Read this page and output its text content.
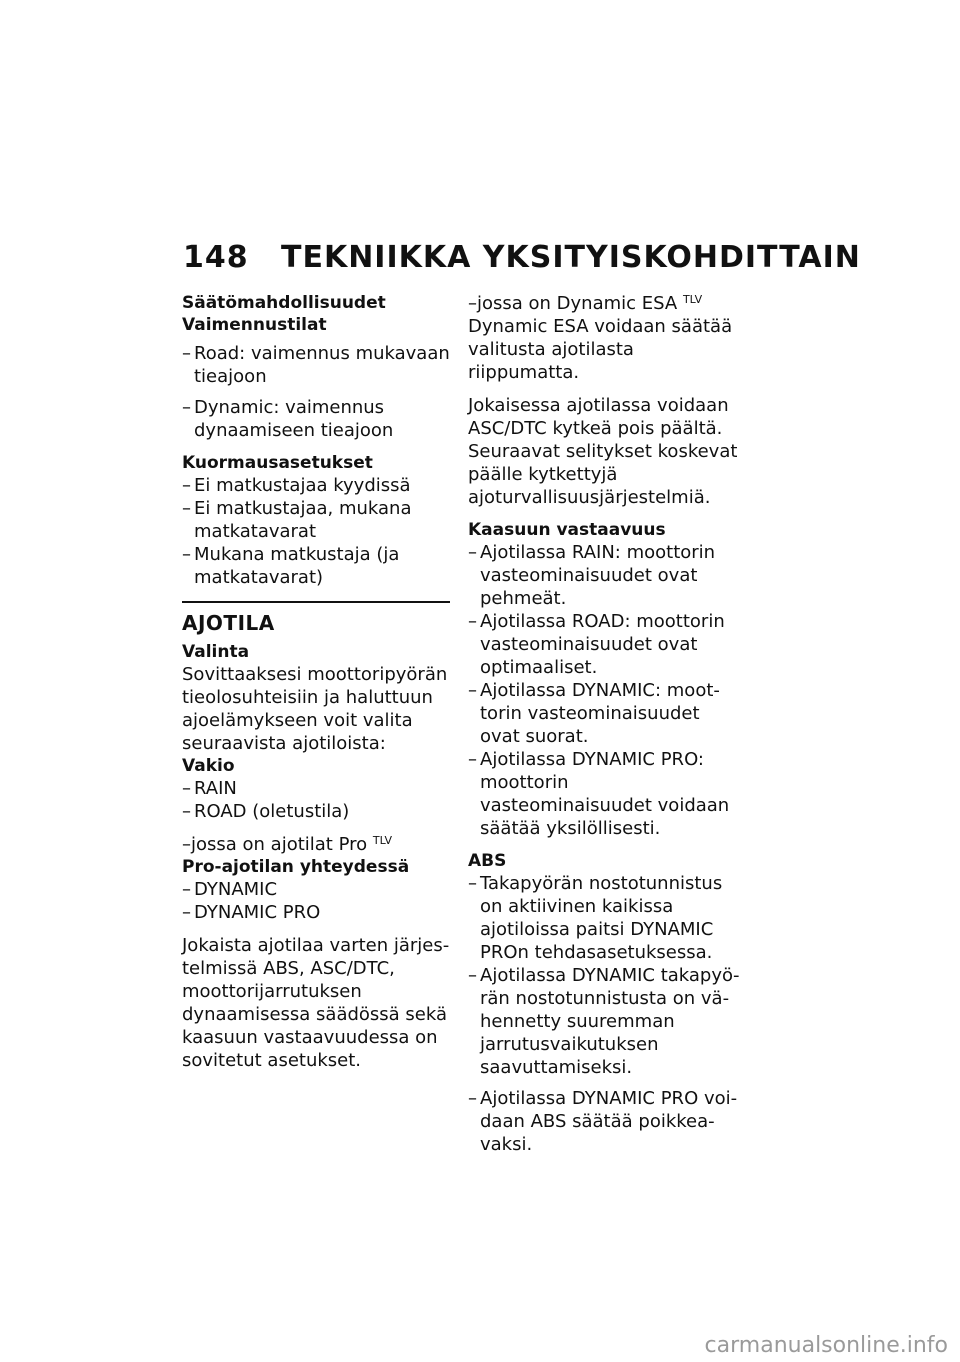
148 TEKNIIKKA YKSITYISKOHDITTAIN
Säätömahdollisuudet
Vaimennustilat
– Road: vaimennus mukavaan tieajoon
– Dynamic: vaimennus dynaamiseen tieajoon
Kuormausasetukset
– Ei matkustajaa kyydissä
– Ei matkustajaa, mukana matkatavarat
– Mukana matkustaja (ja matkatavarat)
AJOTILA
Valinta

Sovittaaksesi moottoripyörän tieolosuhteisiin ja haluttuun ajoelämykseen voit valita seuraavista ajotiloista:

Vakio
– RAIN
– ROAD (oletustila)

–jossa on ajotilat Pro $^{TLV}$

Pro-ajotilan yhteydessä
– DYNAMIC
– DYNAMIC PRO

Jokaista ajotilaa varten järjestelmissä ABS, ASC/DTC, moottorijarrutuksen dynaamisessa säädössä sekä kaasuun vastaavuudessa on sovitetut asetukset.

–jossa on Dynamic ESA $^{TLV}$

Dynamic ESA voidaan säätää valitusta ajotilasta riippumatta.

Jokaisessa ajotilassa voidaan ASC/DTC kytkeä pois päältä. Seuraavat selitykset koskevat päälle kytkettyjä ajoturvallisuusjärjestelmiä.

Kaasuun vastaavuus
– Ajotilassa RAIN: moottorin vasteominaisuudet ovat pehmeät.
– Ajotilassa ROAD: moottorin vasteominaisuudet ovat optimaaliset.
– Ajotilassa DYNAMIC: moottorin vasteominaisuudet ovat suorat.
– Ajotilassa DYNAMIC PRO: moottorin vasteominaisuudet voidaan säätää yksilöllisesti.
ABS
– Takapyörän nostotunnistus on aktiivinen kaikissa ajotiloissa paitsi DYNAMIC PROn tehdasasetuksessa.
– Ajotilassa DYNAMIC takapyörän nostotunnistusta on vähennetty suuremman jarrutusvaikutuksen saavuttamiseksi.
– Ajotilassa DYNAMIC PRO voidaan ABS säätää poikkeavaksi.
carmanualsonline.info
